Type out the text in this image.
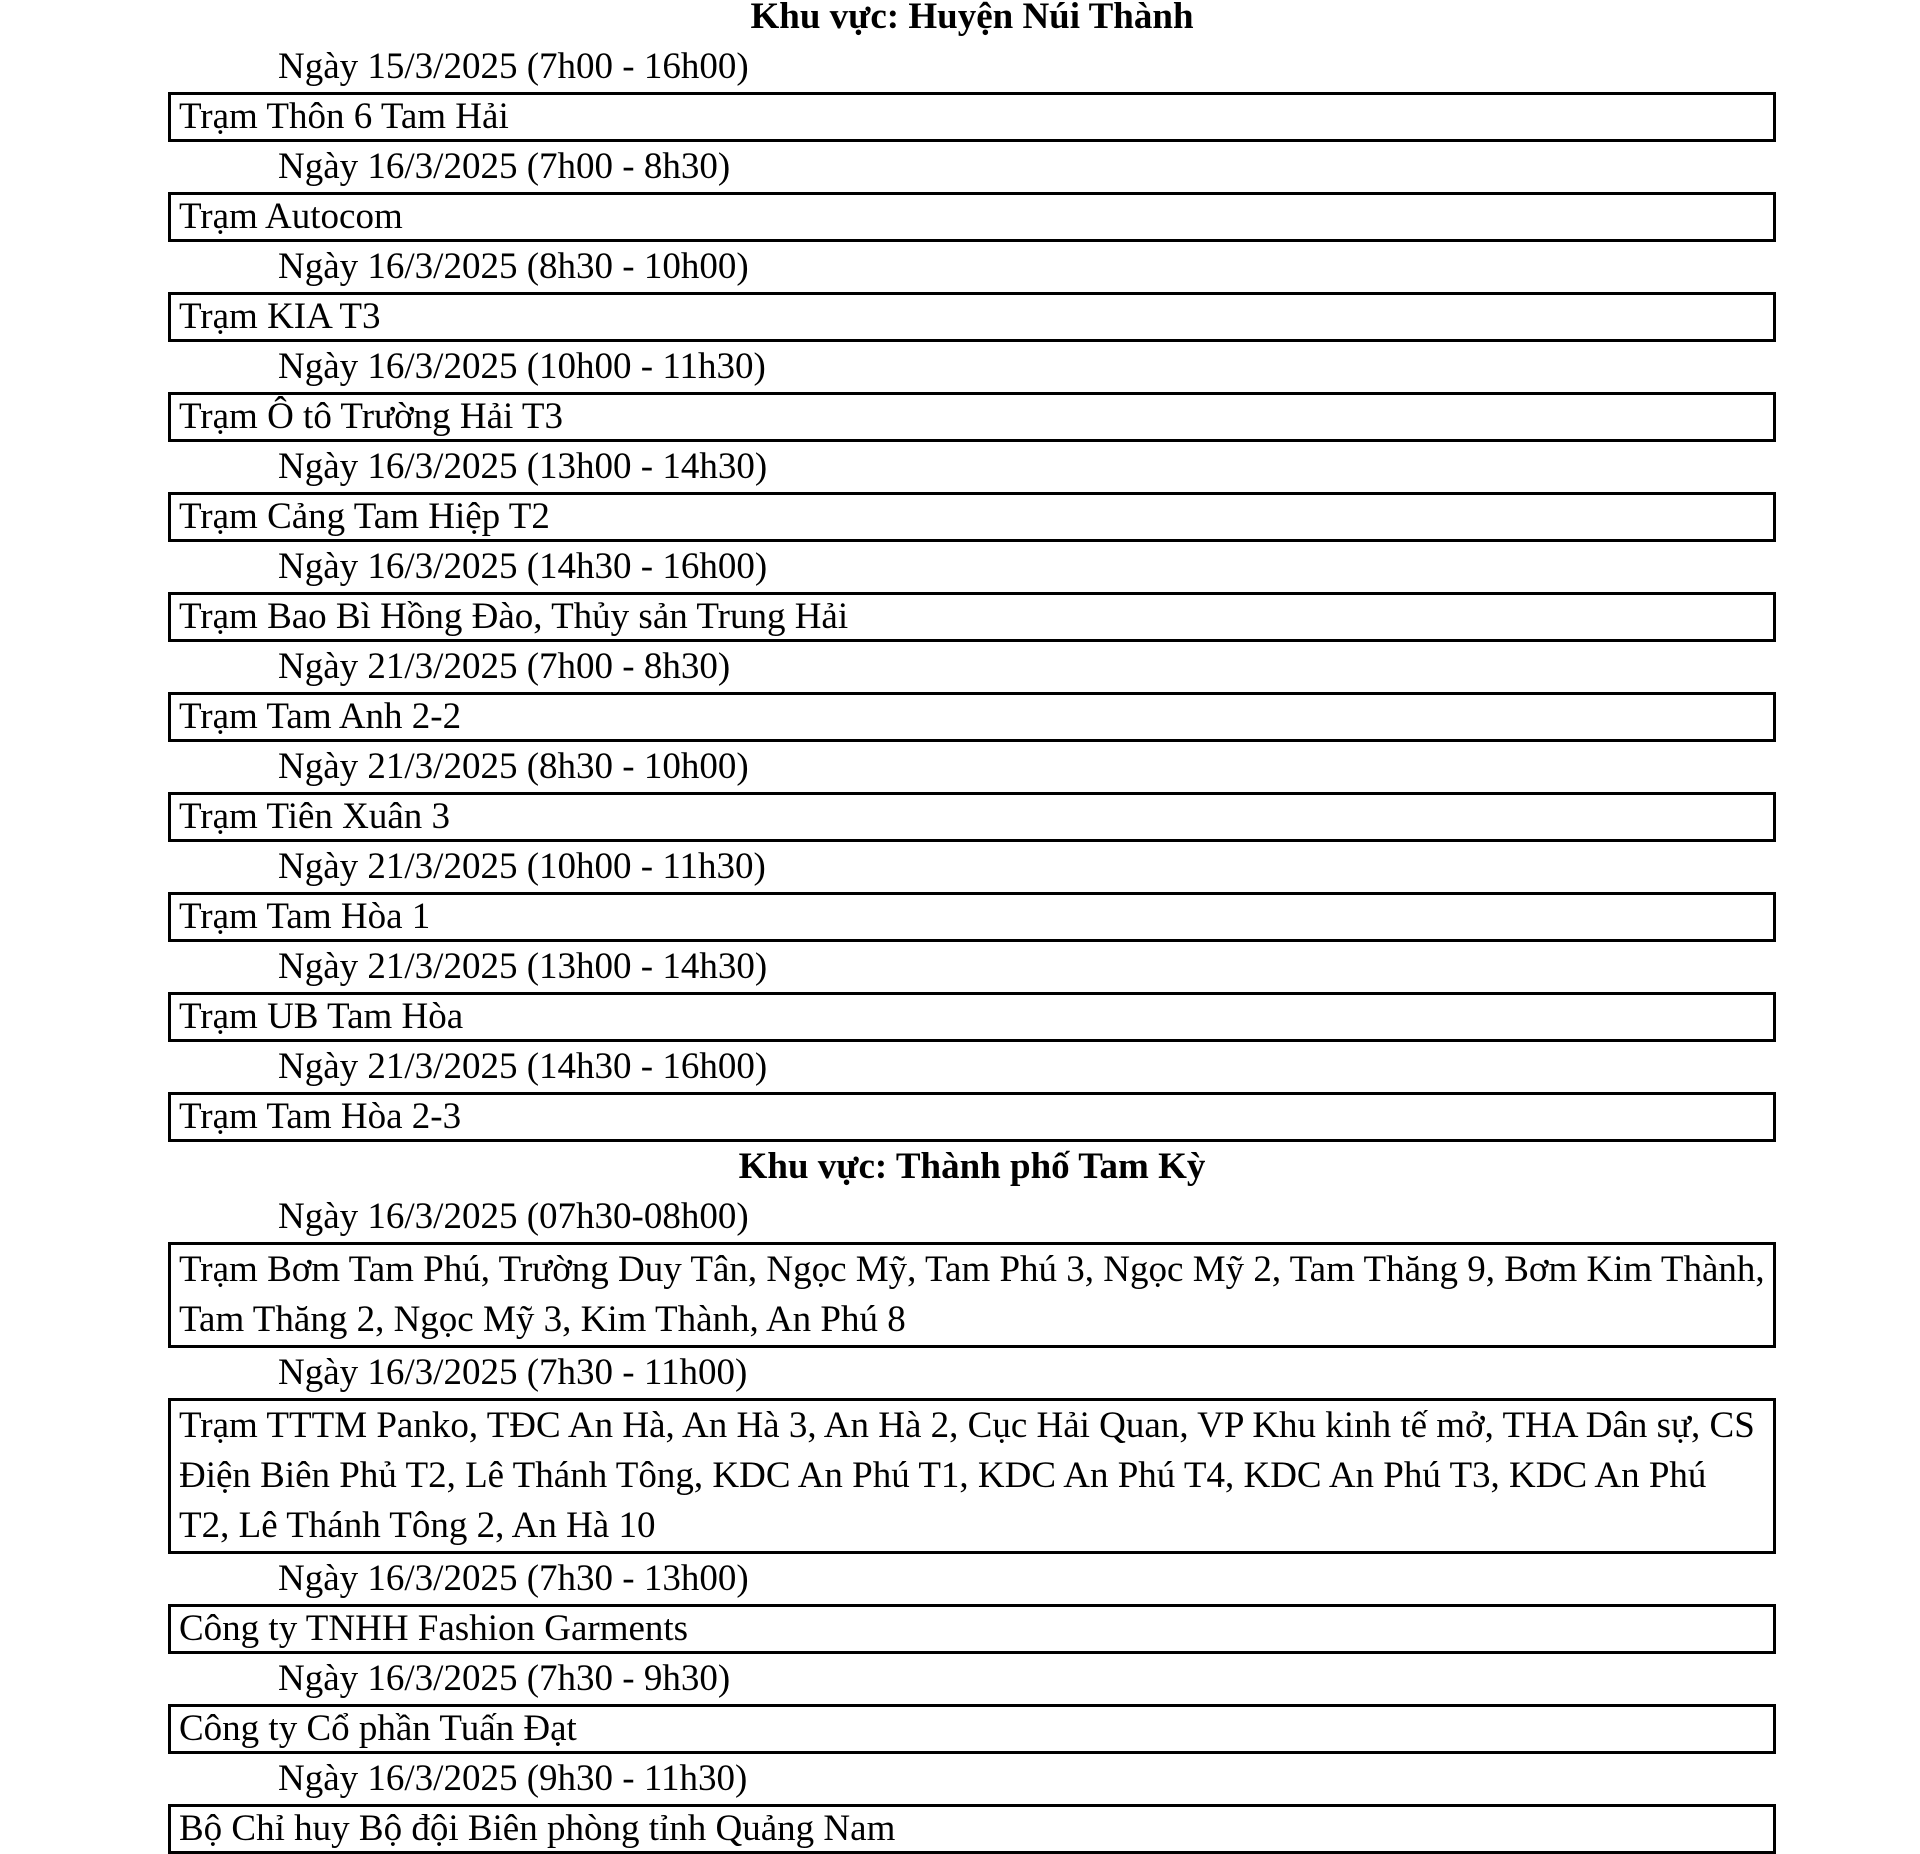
Khu vực: Huyện Núi Thành
Ngày 15/3/2025 (7h00 - 16h00)
Trạm Thôn 6 Tam Hải
Ngày 16/3/2025 (7h00 - 8h30)
Trạm Autocom
Ngày 16/3/2025 (8h30 - 10h00)
Trạm KIA T3
Ngày 16/3/2025 (10h00 - 11h30)
Trạm Ô tô Trường Hải T3
Ngày 16/3/2025 (13h00 - 14h30)
Trạm Cảng Tam Hiệp T2
Ngày 16/3/2025 (14h30 - 16h00)
Trạm Bao Bì Hồng Đào, Thủy sản Trung Hải
Ngày 21/3/2025 (7h00 - 8h30)
Trạm Tam Anh 2-2
Ngày 21/3/2025 (8h30 - 10h00)
Trạm Tiên Xuân 3
Ngày 21/3/2025 (10h00 - 11h30)
Trạm Tam Hòa 1
Ngày 21/3/2025 (13h00 - 14h30)
Trạm UB Tam Hòa
Ngày 21/3/2025 (14h30 - 16h00)
Trạm Tam Hòa 2-3
Khu vực: Thành phố Tam Kỳ
Ngày 16/3/2025 (07h30-08h00)
Trạm Bơm Tam Phú, Trường Duy Tân, Ngọc Mỹ, Tam Phú 3, Ngọc Mỹ 2, Tam Thăng 9, Bơm Kim Thành, Tam Thăng 2, Ngọc Mỹ 3, Kim Thành, An Phú 8
Ngày 16/3/2025 (7h30 - 11h00)
Trạm TTTM Panko, TĐC An Hà, An Hà 3, An Hà 2, Cục Hải Quan, VP Khu kinh tế mở, THA Dân sự, CS Điện Biên Phủ T2, Lê Thánh Tông, KDC An Phú T1, KDC An Phú T4, KDC An Phú T3, KDC An Phú T2, Lê Thánh Tông 2, An Hà 10
Ngày 16/3/2025 (7h30 - 13h00)
Công ty TNHH Fashion Garments
Ngày 16/3/2025 (7h30 - 9h30)
Công ty Cổ phần Tuấn Đạt
Ngày 16/3/2025 (9h30 - 11h30)
Bộ Chỉ huy Bộ đội Biên phòng tỉnh Quảng Nam
